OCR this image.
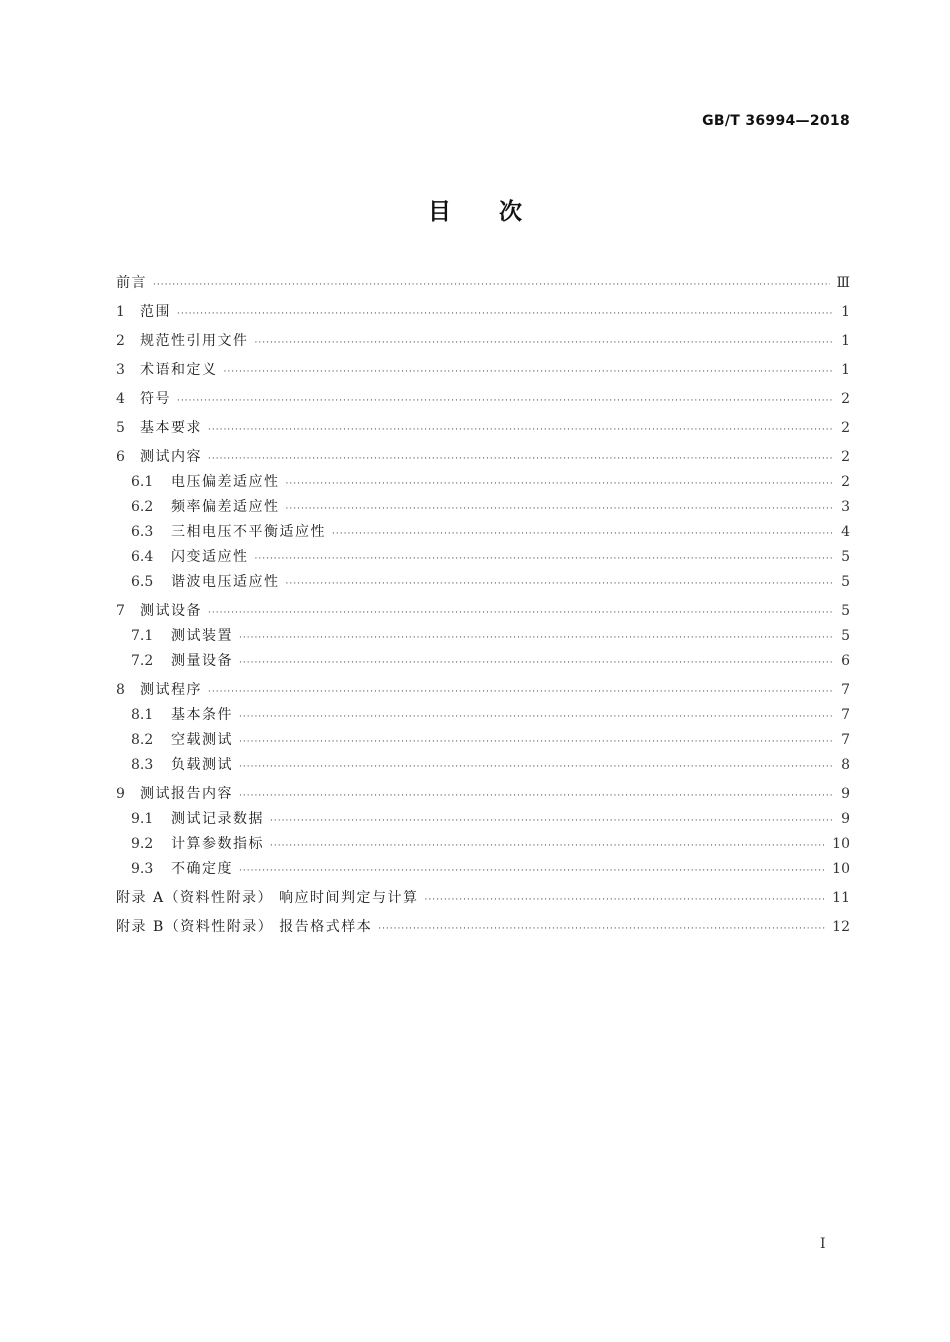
GB/T 36994—2018
目 次
前言 ·····	Ⅲ
1	范围 ·····	1
2	规范性引用文件 ·····	1
3	术语和定义 ·····	1
4	符号 ·····	2
5	基本要求 ·····	2
6	测试内容 ·····	2
6.1	电压偏差适应性 ·····	2
6.2	频率偏差适应性 ·····	3
6.3	三相电压不平衡适应性 ·····	4
6.4	闪变适应性 ·····	5
6.5	谐波电压适应性 ·····	5
7	测试设备 ·····	5
7.1	测试装置 ·····	5
7.2	测量设备 ·····	6
8	测试程序 ·····	7
8.1	基本条件 ·····	7
8.2	空载测试 ·····	7
8.3	负载测试 ·····	8
9	测试报告内容 ·····	9
9.1	测试记录数据 ·····	9
9.2	计算参数指标 ·····	10
9.3	不确定度 ·····	10
附录 A（资料性附录） 响应时间判定与计算 ·····	11
附录 B（资料性附录） 报告格式样本 ·····	12
I
